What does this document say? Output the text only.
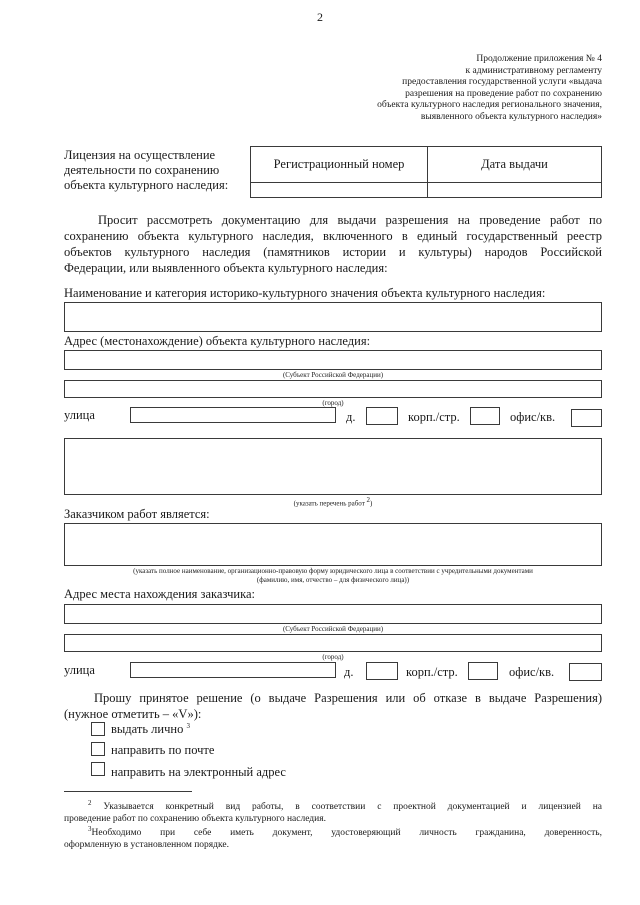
2
Продолжение приложения № 4
к административному регламенту
предоставления государственной услуги «выдача
разрешения на проведение работ по сохранению
объекта культурного наследия регионального значения,
выявленного объекта культурного наследия»
Лицензия на осуществление
деятельности по сохранению
объекта культурного наследия:
Регистрационный номер	Дата выдачи

Просит рассмотреть документацию для выдачи разрешения на проведение работ по
сохранению объекта культурного наследия, включенного в единый государственный реестр
объектов культурного наследия (памятников истории и культуры) народов Российской
Федерации, или выявленного объекта культурного наследия:
Наименование и категория историко-культурного значения объекта культурного наследия:
Адрес (местонахождение) объекта культурного наследия:
(Субъект Российской Федерации)
(город)
улица	д.	корп./стр.	офис/кв.
(указать перечень работ $^2$)
Заказчиком работ является:
(указать полное наименование, организационно-правовую форму юридического лица в соответствии с учредительными документами
(фамилию, имя, отчество – для физического лица))
Адрес места нахождения заказчика:
(Субъект Российской Федерации)
(город)
улица	д.	корп./стр.	офис/кв.
Прошу принятое решение (о выдаче Разрешения или об отказе в выдаче Разрешения)
(нужное отметить – «V»):
выдать лично $^3$
направить по почте
направить на электронный адрес
$^2$ Указывается конкретный вид работы, в соответствии с проектной документацией и лицензией на
проведение работ по сохранению объекта культурного наследия.
$^3$Необходимо при себе иметь документ, удостоверяющий личность гражданина, доверенность,
оформленную в установленном порядке.
